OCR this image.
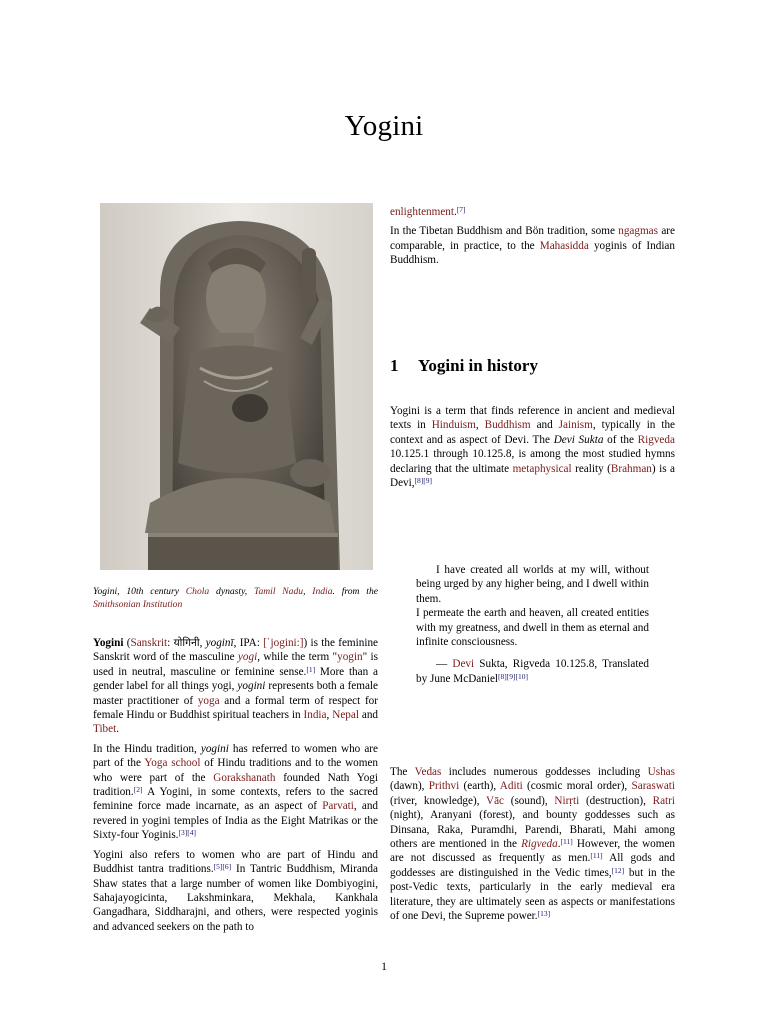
Yogini
Yogini, 10th century Chola dynasty, Tamil Nadu, India. from the Smithsonian Institution

Yogini (Sanskrit: योगिनी, yoginī, IPA: [ˈjogini:]) is the feminine Sanskrit word of the masculine yogi, while the term "yogin" is used in neutral, masculine or feminine sense.[1] More than a gender label for all things yogi, yogini represents both a female master practitioner of yoga and a formal term of respect for female Hindu or Buddhist spiritual teachers in India, Nepal and Tibet.

In the Hindu tradition, yogini has referred to women who are part of the Yoga school of Hindu traditions and to the women who were part of the Gorakshanath founded Nath Yogi tradition.[2] A Yogini, in some contexts, refers to the sacred feminine force made incarnate, as an aspect of Parvati, and revered in yogini temples of India as the Eight Matrikas or the Sixty-four Yoginis.[3][4]

Yogini also refers to women who are part of Hindu and Buddhist tantra traditions.[5][6] In Tantric Buddhism, Miranda Shaw states that a large number of women like Dombiyogini, Sahajayogicinta, Lakshminkara, Mekhala, Kankhala Gangadhara, Siddharajni, and others, were respected yoginis and advanced seekers on the path to

enlightenment.[7]

In the Tibetan Buddhism and Bön tradition, some ngagmas are comparable, in practice, to the Mahasidda yoginis of Indian Buddhism.

1 Yogini in history

Yogini is a term that finds reference in ancient and medieval texts in Hinduism, Buddhism and Jainism, typically in the context and as aspect of Devi. The Devi Sukta of the Rigveda 10.125.1 through 10.125.8, is among the most studied hymns declaring that the ultimate metaphysical reality (Brahman) is a Devi,[8][9]

I have created all worlds at my will, without being urged by any higher being, and I dwell within them.

I permeate the earth and heaven, all created entities with my greatness, and dwell in them as eternal and infinite consciousness.

— Devi Sukta, Rigveda 10.125.8, Translated by June McDaniel[8][9][10]

The Vedas includes numerous goddesses including Ushas (dawn), Prithvi (earth), Aditi (cosmic moral order), Saraswati (river, knowledge), Vāc (sound), Nirṛti (destruction), Ratri (night), Aranyani (forest), and bounty goddesses such as Dinsana, Raka, Puramdhi, Parendi, Bharati, Mahi among others are mentioned in the Rigveda.[11] However, the women are not discussed as frequently as men.[11] All gods and goddesses are distinguished in the Vedic times,[12] but in the post-Vedic texts, particularly in the early medieval era literature, they are ultimately seen as aspects or manifestations of one Devi, the Supreme power.[13]

1
